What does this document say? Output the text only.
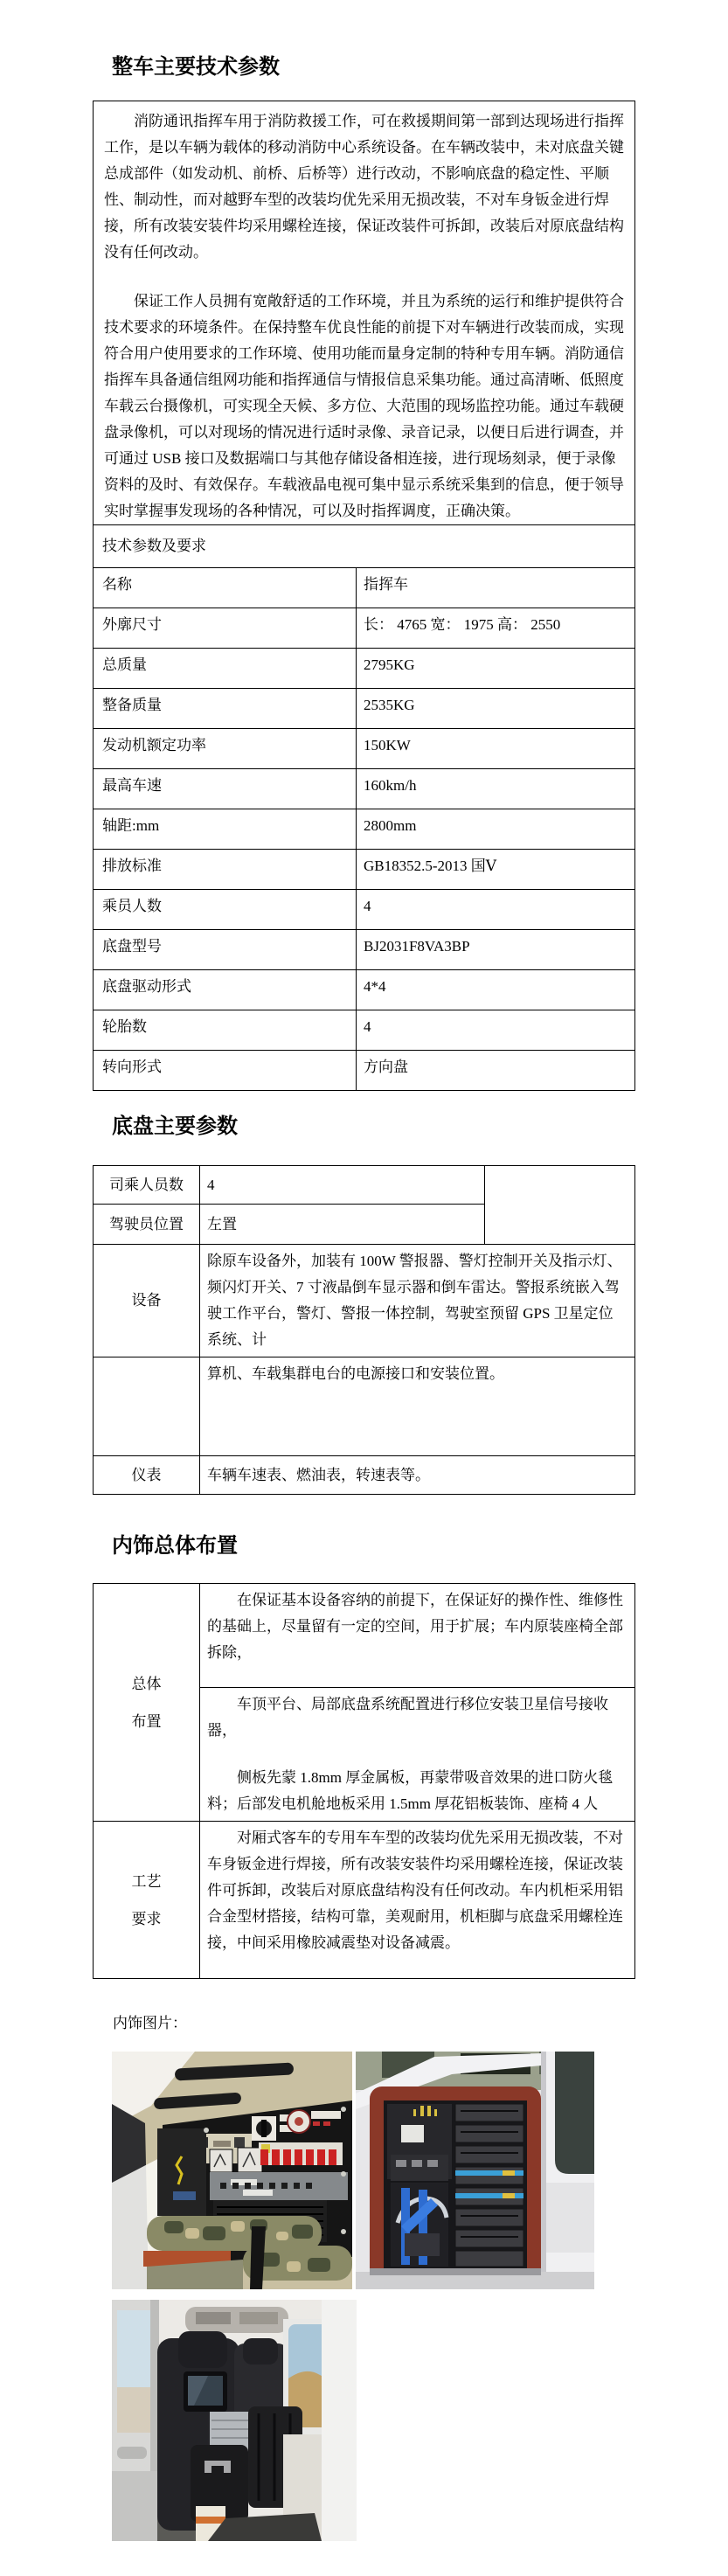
整车主要技术参数

消防通讯指挥车用于消防救援工作，可在救援期间第一部到达现场进行指挥工作，是以车辆为载体的移动消防中心系统设备。在车辆改装中，未对底盘关键总成部件（如发动机、前桥、后桥等）进行改动，不影响底盘的稳定性、平顺性、制动性，而对越野车型的改装均优先采用无损改装，不对车身钣金进行焊接，所有改装安装件均采用螺栓连接，保证改装件可拆卸，改装后对原底盘结构没有任何改动。

保证工作人员拥有宽敞舒适的工作环境，并且为系统的运行和维护提供符合技术要求的环境条件。在保持整车优良性能的前提下对车辆进行改装而成，实现符合用户使用要求的工作环境、使用功能而量身定制的特种专用车辆。消防通信指挥车具备通信组网功能和指挥通信与情报信息采集功能。通过高清晰、低照度车载云台摄像机，可实现全天候、多方位、大范围的现场监控功能。通过车载硬盘录像机，可以对现场的情况进行适时录像、录音记录，以便日后进行调查，并可通过 USB 接口及数据端口与其他存储设备相连接，进行现场刻录，便于录像资料的及时、有效保存。车载液晶电视可集中显示系统采集到的信息，便于领导实时掌握事发现场的各种情况，可以及时指挥调度，正确决策。	

技术参数及要求	
名称	指挥车
外廓尺寸	长： 4765 宽： 1975 高： 2550
总质量	2795KG
整备质量	2535KG
发动机额定功率	150KW
最高车速	160km/h
轴距:mm	2800mm
排放标准	GB18352.5-2013 国Ⅴ
乘员人数	4
底盘型号	BJ2031F8VA3BP
底盘驱动形式	4*4
轮胎数	4
转向形式	方向盘
底盘主要参数
司乘人员数	4	
驾驶员位置	左置	
设备	除原车设备外，加装有 100W 警报器、警灯控制开关及指示灯、频闪灯开关、7 寸液晶倒车显示器和倒车雷达。警报系统嵌入驾驶工作平台，警灯、警报一体控制，驾驶室预留 GPS 卫星定位系统、计	
	算机、车载集群电台的电源接口和安装位置。	
仪表	车辆车速表、燃油表，转速表等。	
内饰总体布置
总体
布置	在保证基本设备容纳的前提下，在保证好的操作性、维修性的基础上，尽量留有一定的空间，用于扩展；车内原装座椅全部拆除，

	车顶平台、局部底盘系统配置进行移位安装卫星信号接收器，

侧板先蒙 1.8mm 厚金属板，再蒙带吸音效果的进口防火毯料；后部发电机舱地板采用 1.5mm 厚花铝板装饰、座椅 4 人

工艺
要求	对厢式客车的专用车车型的改装均优先采用无损改装，不对车身钣金进行焊接，所有改装安装件均采用螺栓连接，保证改装件可拆卸，改装后对原底盘结构没有任何改动。车内机柜采用铝合金型材搭接，结构可靠，美观耐用，机柜脚与底盘采用螺栓连接，中间采用橡胶减震垫对设备减震。

内饰图片：
